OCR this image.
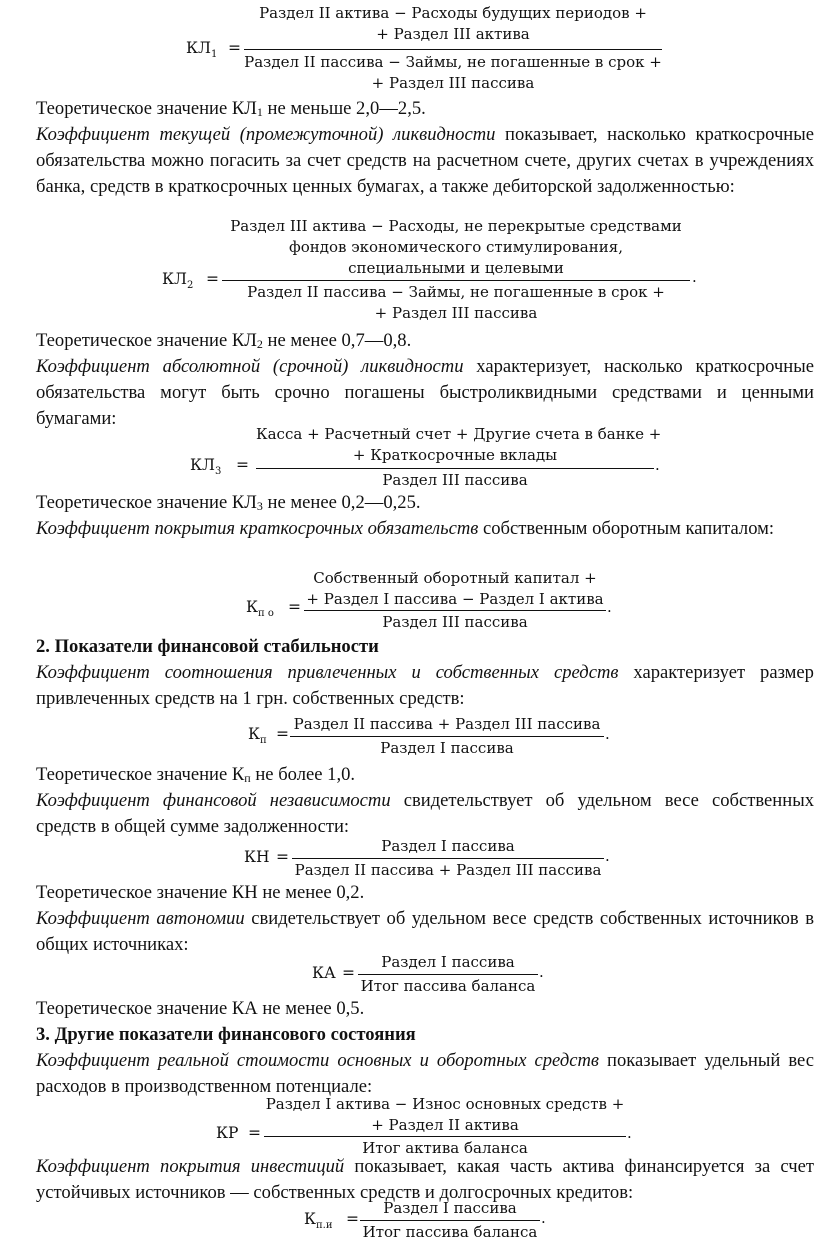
$КЛ_1$ =
Раздел II актива − Расходы будущих периодов +
+ Раздел III актива
Раздел II пассива − Займы, не погашенные в срок +
+ Раздел III пассива
Теоретическое значение $КЛ_1$ не меньше 2,0—2,5.
Коэффициент текущей (промежуточной) ликвидности показывает, насколько краткосрочные обязательства можно погасить за счет средств на расчетном счете, других счетах в учреждениях банка, средств в краткосрочных ценных бумагах, а также дебиторской задолженностью:
$КЛ_2$ =
Раздел III актива − Расходы, не перекрытые средствами
фондов экономического стимулирования,
специальными и целевыми	.
Раздел II пассива − Займы, не погашенные в срок +
+ Раздел III пассива
Теоретическое значение $КЛ_2$ не менее 0,7—0,8.
Коэффициент абсолютной (срочной) ликвидности характеризует, насколько краткосрочные обязательства могут быть срочно погашены быстроликвидными средствами и ценными бумагами:
$КЛ_3$ =
Касса + Расчетный счет + Другие счета в банке +
+ Краткосрочные вклады
.
Раздел III пассива
Теоретическое значение $КЛ_3$ не менее 0,2—0,25.
Коэффициент покрытия краткосрочных обязательств собственным оборотным капиталом:
$К_{п о}$ =
Собственный оборотный капитал +
+ Раздел I пассива − Раздел I актива .
Раздел III пассива
2. Показатели финансовой стабильности
Коэффициент соотношения привлеченных и собственных средств характеризует размер привлеченных средств на 1 грн. собственных средств:
$К_п$ =
Раздел II пассива + Раздел III пассива
.
Раздел I пассива
Теоретическое значение $К_п$ не более 1,0.
Коэффициент финансовой независимости свидетельствует об удельном весе собственных средств в общей сумме задолженности:
КН =
Раздел I пассива
.
Раздел II пассива + Раздел III пассива
Теоретическое значение КН не менее 0,2.
Коэффициент автономии свидетельствует об удельном весе средств собственных источников в общих источниках:
КА =
Раздел I пассива
.
Итог пассива баланса
Теоретическое значение КА не менее 0,5.
3. Другие показатели финансового состояния
Коэффициент реальной стоимости основных и оборотных средств показывает удельный вес расходов в производственном потенциале:
КР =
Раздел I актива − Износ основных средств +
+ Раздел II актива	.
Итог актива баланса
Коэффициент покрытия инвестиций показывает, какая часть актива финансируется за счет устойчивых источников — собственных средств и долгосрочных кредитов:
$К_{п.и}$ =
Раздел I пассива
.
Итог пассива баланса
